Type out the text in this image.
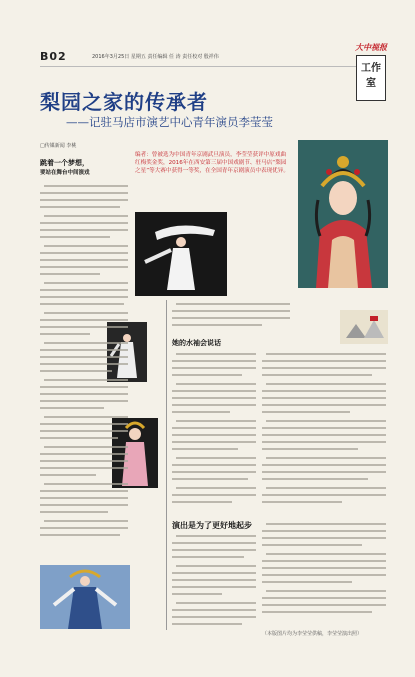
B02	2016年3月25日 星期五 责任编辑 任 涛 责任校对 殷祥伟
大中视报
工作室
梨园之家的传承者
——记驻马店市演艺中心青年演员李莹莹
□传媒新闻 李桃
编者：曾被选为中国青年京剧武旦演员，李莹莹获评中原戏曲红梅奖金奖，2016年在西安第三届中国戏剧节、驻马店“梨园之星”等大赛中获得一等奖，在全国青年京剧演员中表现优异。
跳着一个梦想，
要站在舞台中间演戏
她的水袖会说话
演出是为了更好地起步
（本版图片均为李莹莹供稿，李莹莹演出照）
